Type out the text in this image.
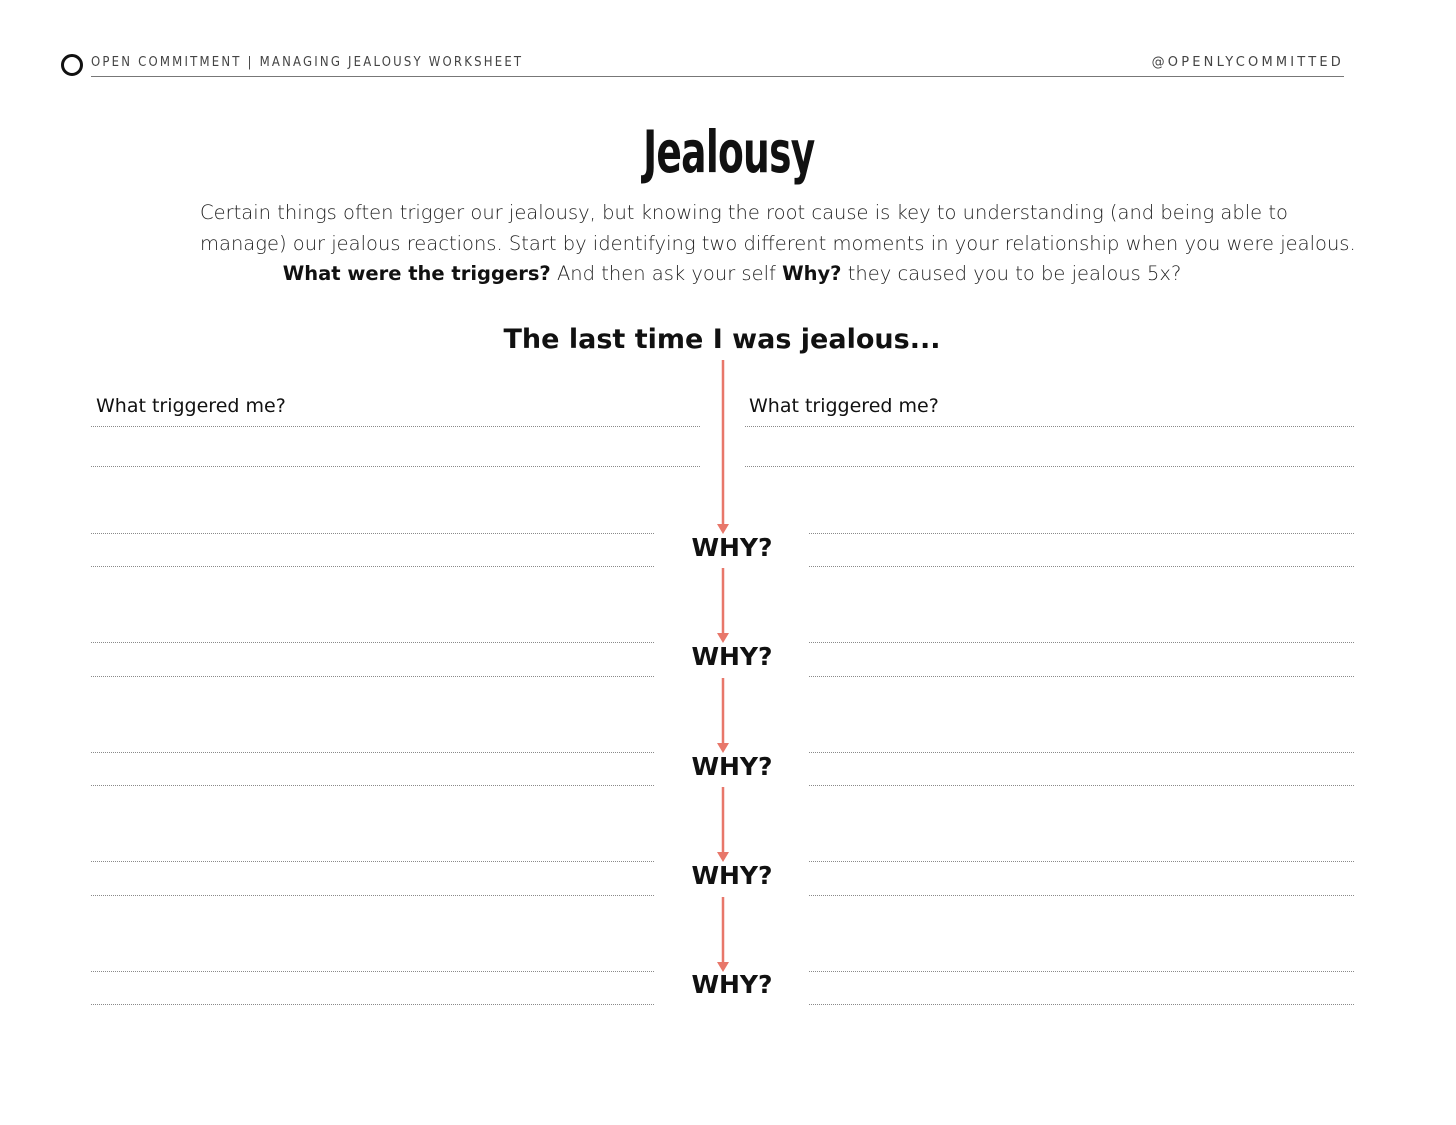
OPEN COMMITMENT | MANAGING JEALOUSY WORKSHEET	@OPENLYCOMMITTED
Jealousy

Certain things often trigger our jealousy, but knowing the root cause is key to understanding (and being able to

manage) our jealous reactions. Start by identifying two different moments in your relationship when you were jealous.

What were the triggers? And then ask your self Why? they caused you to be jealous 5x?

The last time I was jealous...
What triggered me?	What triggered me?
WHY?
WHY?
WHY?
WHY?
WHY?
